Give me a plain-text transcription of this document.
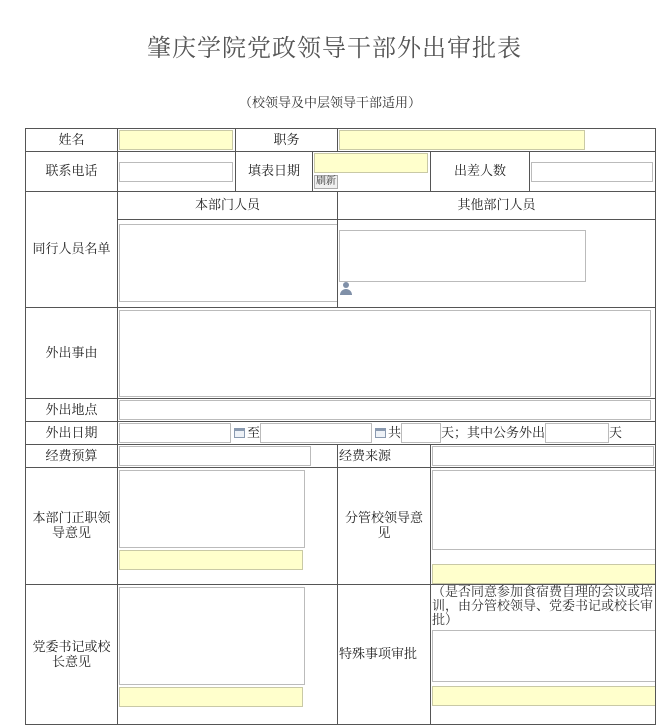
肇庆学院党政领导干部外出审批表
（校领导及中层领导干部适用）
姓名		职务	

联系电话		填表日期	刷新		出差人数	

同行人员名单	本部门人员			其他部门人员		

外出事由	

外出地点	

外出日期	至 共 天；其中公务外出 天					

经费预算				经费来源	

本部门正职领导意见				分管校领导意见	

党委书记或校长意见				特殊事项审批	（是否同意参加食宿费自理的会议或培训，由分管校领导、党委书记或校长审批）	
